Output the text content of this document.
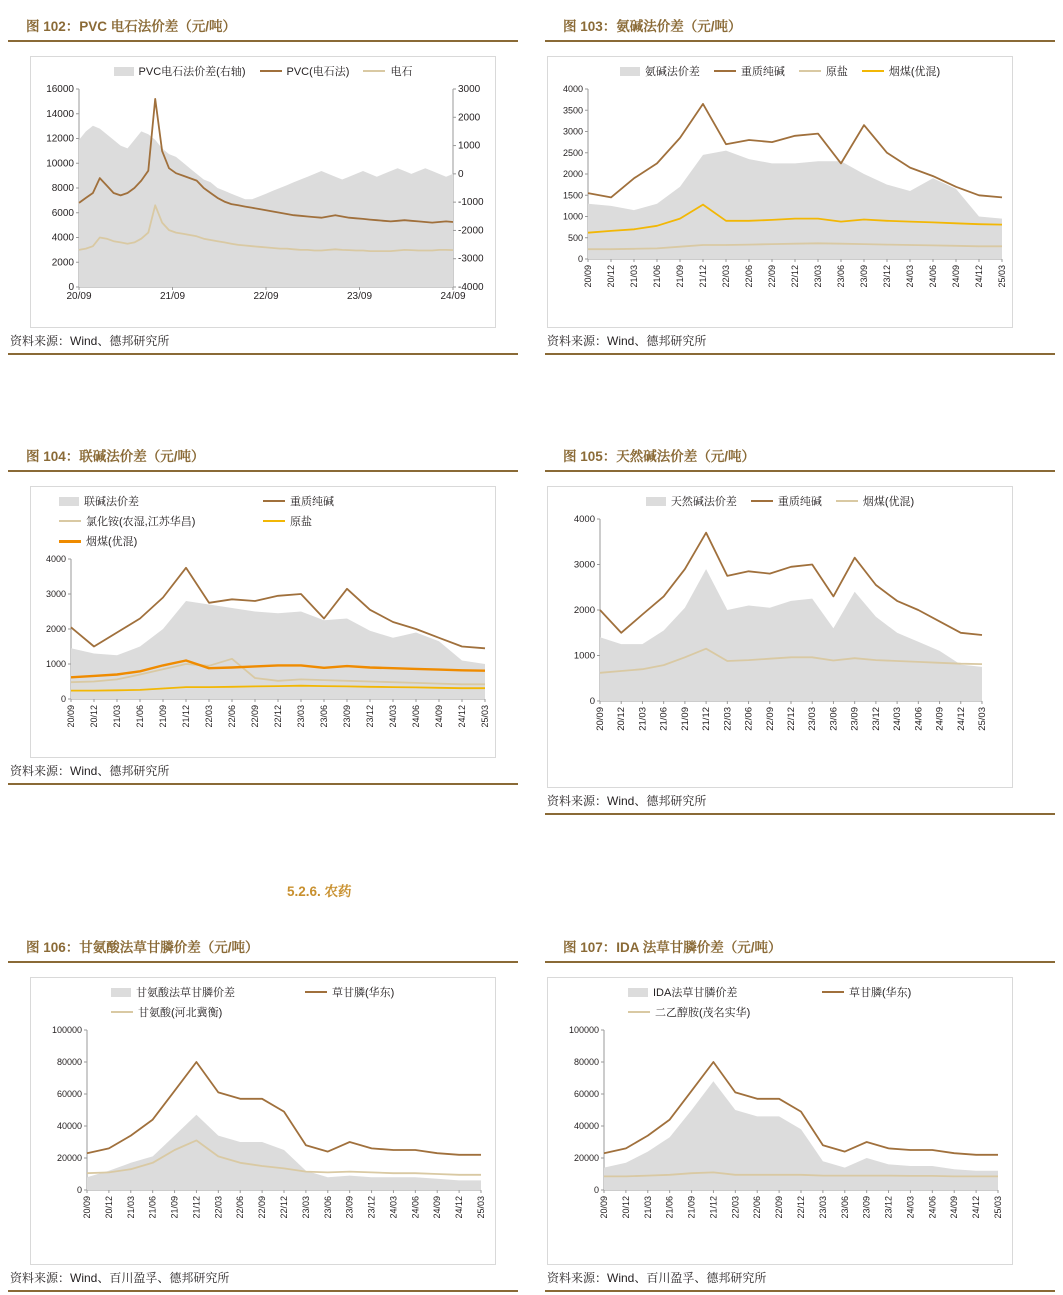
图 102：PVC 电石法价差（元/吨）
PVC电石法价差(右轴)	PVC(电石法)	电石
0
2000
4000
6000
8000
10000
12000
14000
16000
-4000
-3000
-2000
-1000
0
1000
2000
3000
20/09	21/09	22/09	23/09	24/09
资料来源：Wind、德邦研究所
图 103：氨碱法价差（元/吨）
氨碱法价差	重质纯碱	原盐	烟煤(优混)
0
500
1000
1500
2000
2500
3000
3500
4000
20/09 20/12 21/03 21/06 21/09 21/12 22/03 22/06 22/09 22/12 23/03 23/06 23/09 23/12 24/03 24/06 24/09 24/12 25/03
资料来源：Wind、德邦研究所
图 104：联碱法价差（元/吨）
联碱法价差	重质纯碱
氯化铵(农湿,江苏华昌)	原盐
烟煤(优混)
0
1000
2000
3000
4000
20/09 20/12 21/03 21/06 21/09 21/12 22/03 22/06 22/09 22/12 23/03 23/06 23/09 23/12 24/03 24/06 24/09 24/12 25/03
资料来源：Wind、德邦研究所
图 105：天然碱法价差（元/吨）
天然碱法价差	重质纯碱	烟煤(优混)
0
1000
2000
3000
4000
20/09 20/12 21/03 21/06 21/09 21/12 22/03 22/06 22/09 22/12 23/03 23/06 23/09 23/12 24/03 24/06 24/09 24/12 25/03
资料来源：Wind、德邦研究所
5.2.6. 农药
图 106：甘氨酸法草甘膦价差（元/吨）
甘氨酸法草甘膦价差	草甘膦(华东)
甘氨酸(河北冀衡)
0
20000
40000
60000
80000
100000
20/09 20/12 21/03 21/06 21/09 21/12 22/03 22/06 22/09 22/12 23/03 23/06 23/09 23/12 24/03 24/06 24/09 24/12 25/03
资料来源：Wind、百川盈孚、德邦研究所
图 107：IDA 法草甘膦价差（元/吨）
IDA法草甘膦价差	草甘膦(华东)
二乙醇胺(茂名实华)
0
20000
40000
60000
80000
100000
20/09 20/12 21/03 21/06 21/09 21/12 22/03 22/06 22/09 22/12 23/03 23/06 23/09 23/12 24/03 24/06 24/09 24/12 25/03
资料来源：Wind、百川盈孚、德邦研究所
